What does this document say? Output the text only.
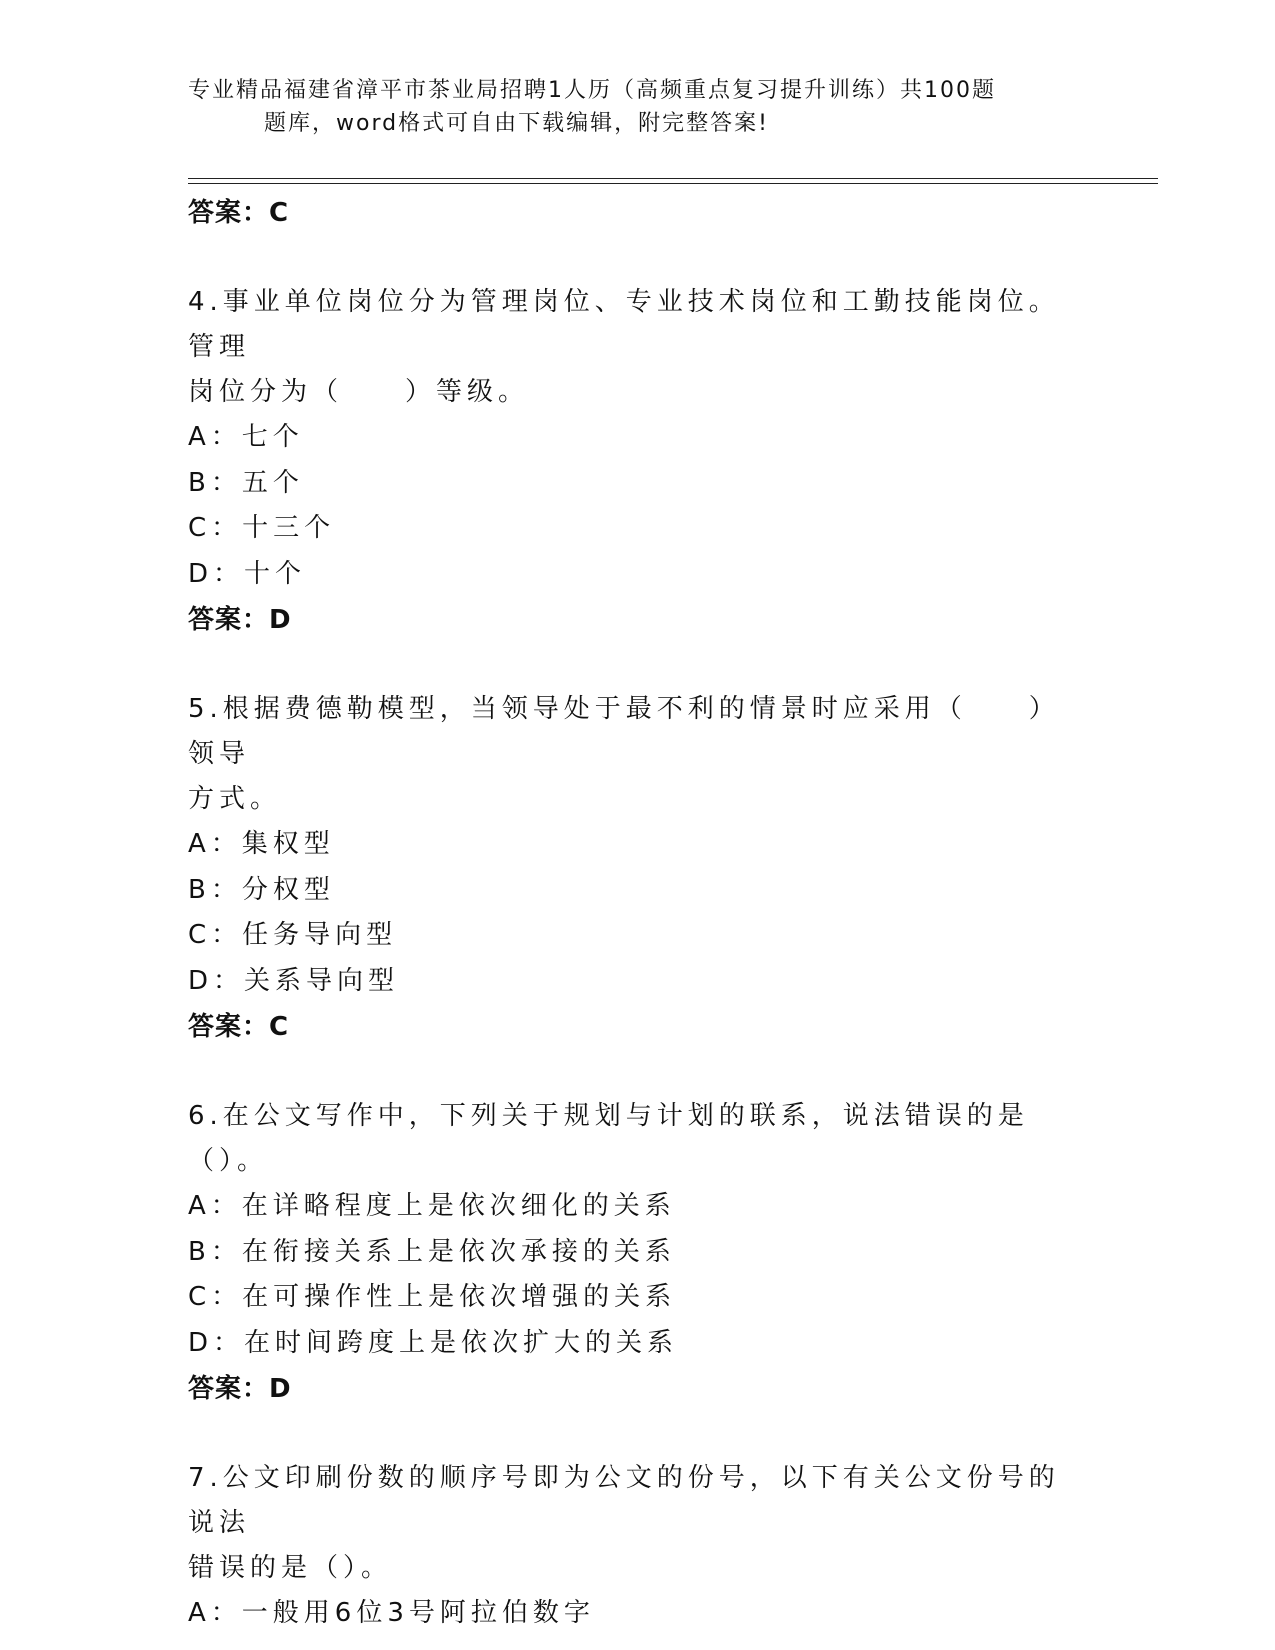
专业精品福建省漳平市茶业局招聘1人历（高频重点复习提升训练）共100题
题库，word格式可自由下载编辑，附完整答案!
答案：C
4.事业单位岗位分为管理岗位、专业技术岗位和工勤技能岗位。管理
岗位分为（　　）等级。
A：七个
B：五个
C：十三个
D：十个
答案：D
5.根据费德勒模型，当领导处于最不利的情景时应采用（　　）领导
方式。
A：集权型
B：分权型
C：任务导向型
D：关系导向型
答案：C
6.在公文写作中，下列关于规划与计划的联系，说法错误的是（）。
A：在详略程度上是依次细化的关系
B：在衔接关系上是依次承接的关系
C：在可操作性上是依次增强的关系
D：在时间跨度上是依次扩大的关系
答案：D
7.公文印刷份数的顺序号即为公文的份号，以下有关公文份号的说法
错误的是（）。
A：一般用6位3号阿拉伯数字
